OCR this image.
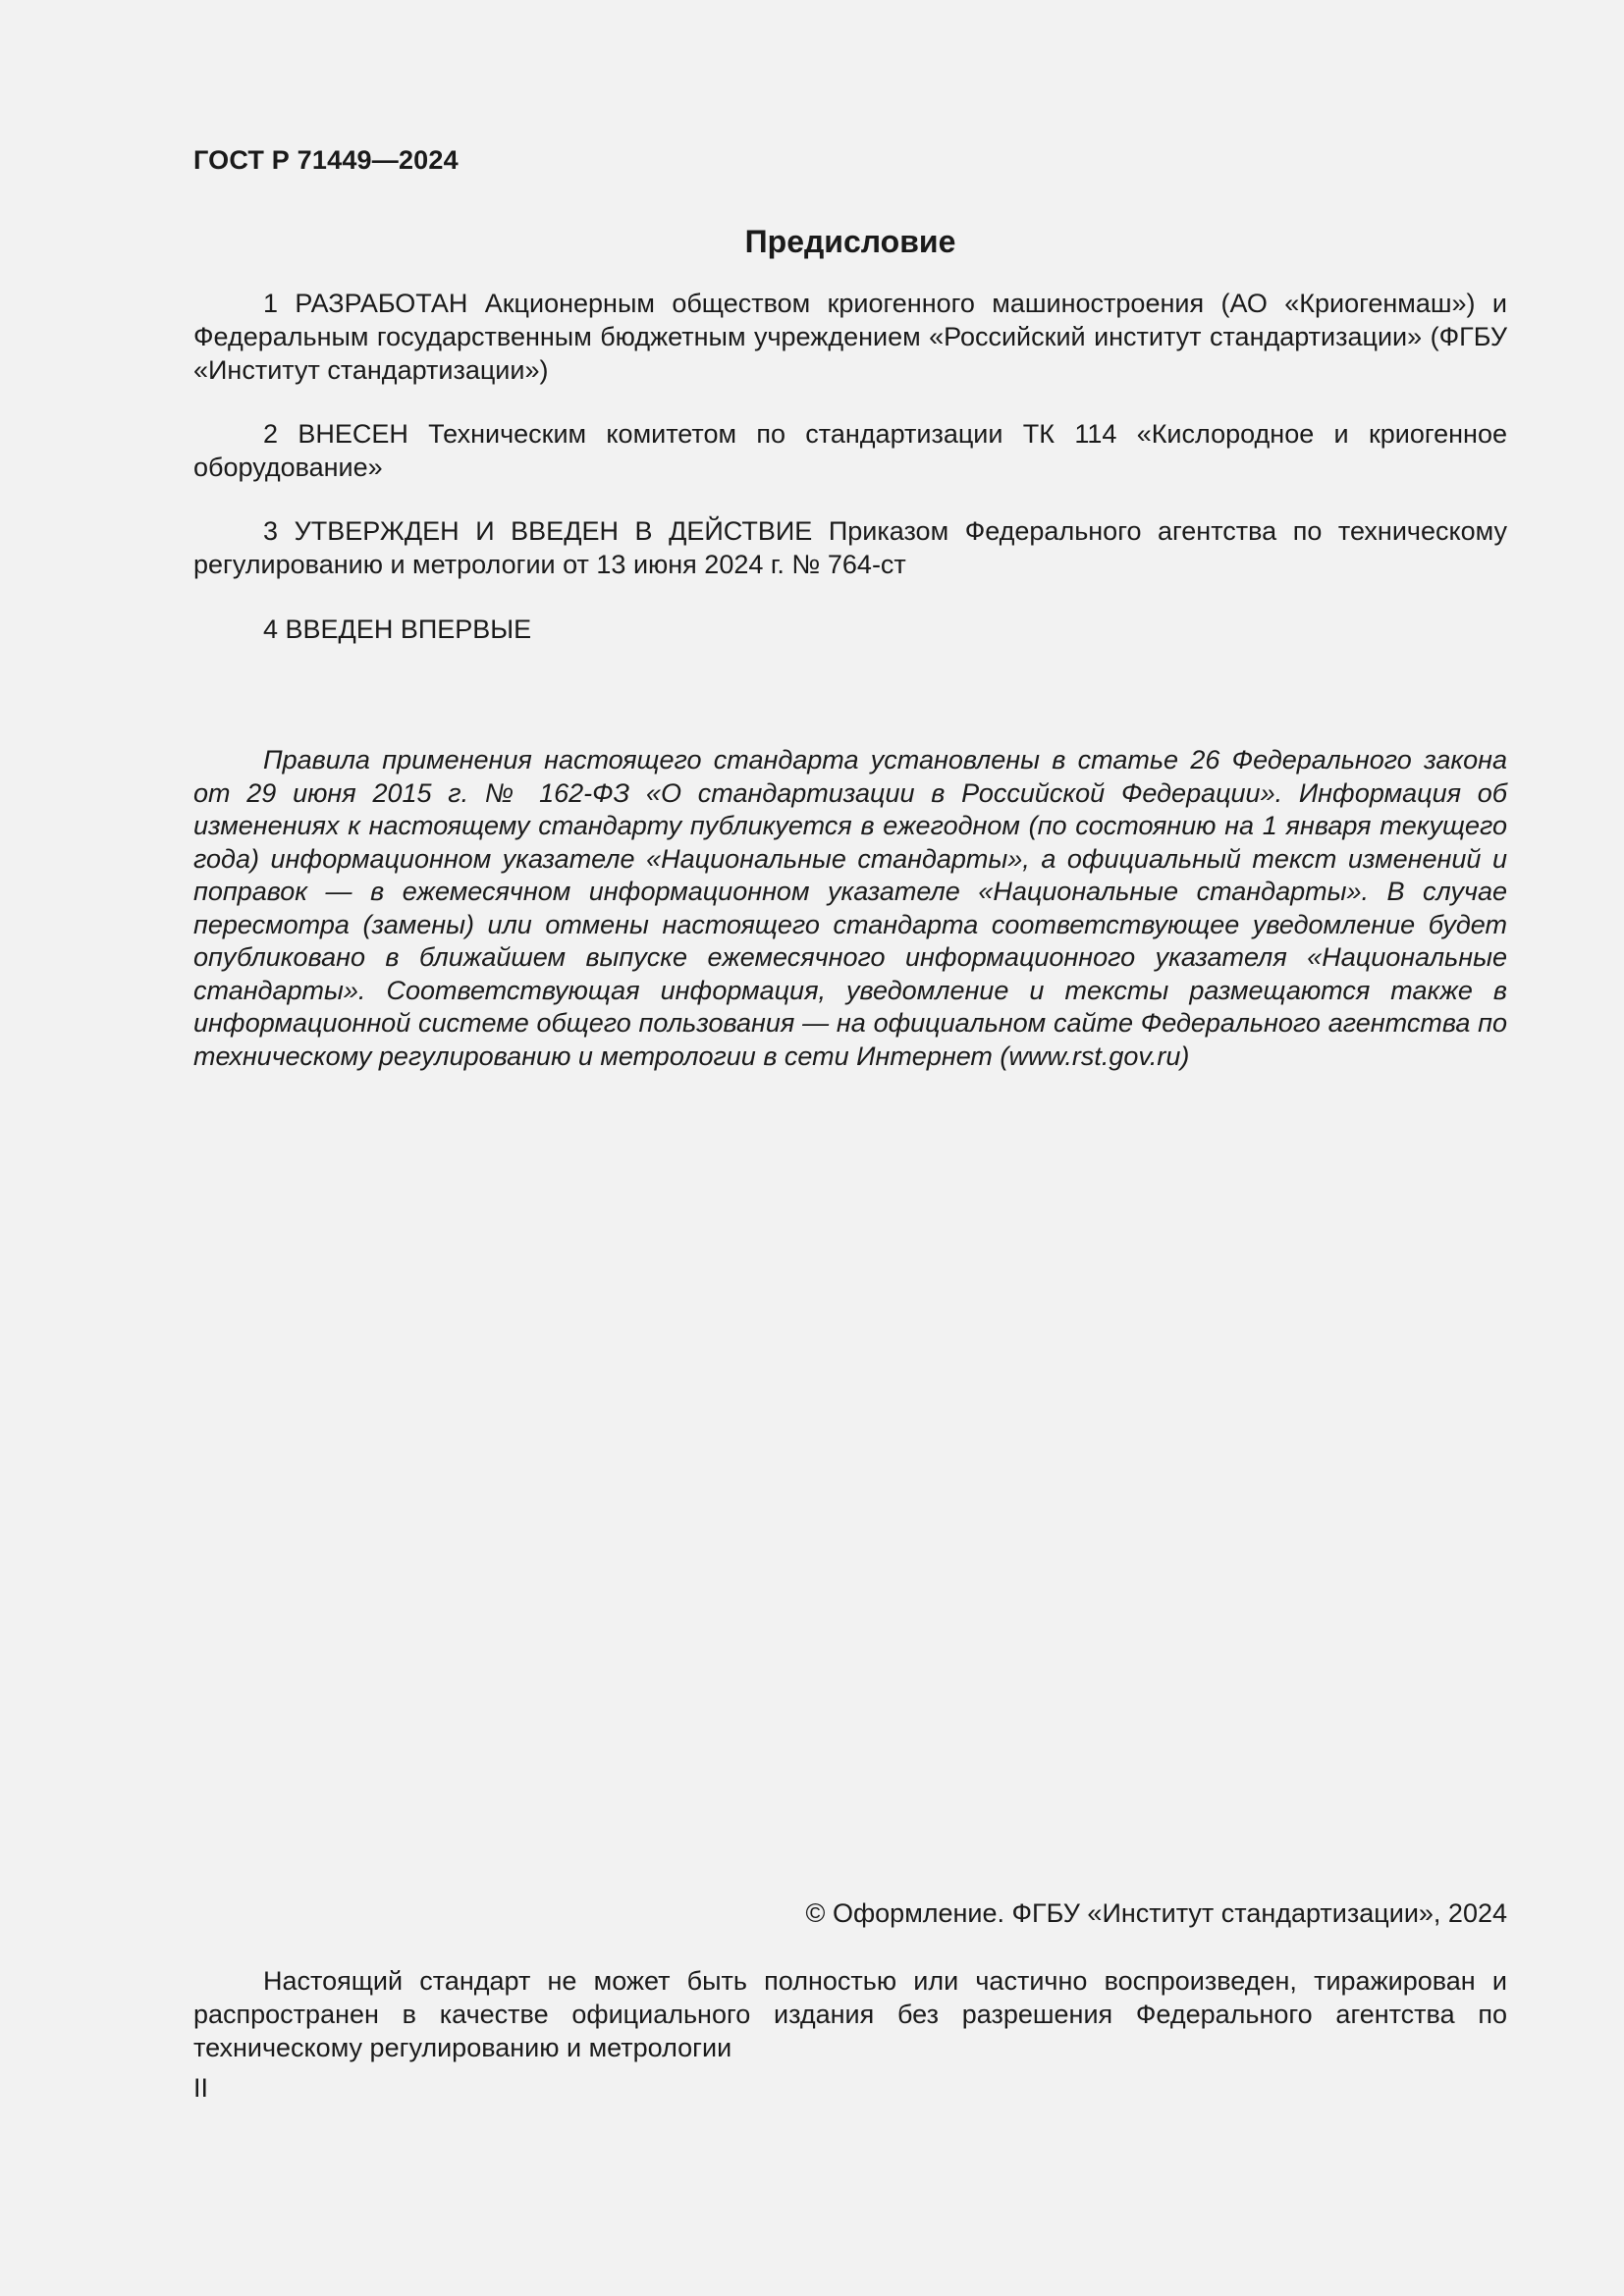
ГОСТ Р 71449—2024
Предисловие

1 РАЗРАБОТАН Акционерным обществом криогенного машиностроения (АО «Криогенмаш») и Федеральным государственным бюджетным учреждением «Российский институт стандартизации» (ФГБУ «Институт стандартизации»)

2 ВНЕСЕН Техническим комитетом по стандартизации ТК 114 «Кислородное и криогенное оборудование»

3 УТВЕРЖДЕН И ВВЕДЕН В ДЕЙСТВИЕ Приказом Федерального агентства по техническому регулированию и метрологии от 13 июня 2024 г. № 764-ст

4 ВВЕДЕН ВПЕРВЫЕ

Правила применения настоящего стандарта установлены в статье 26 Федерального закона от 29 июня 2015 г. № 162-ФЗ «О стандартизации в Российской Федерации». Информация об изменениях к настоящему стандарту публикуется в ежегодном (по состоянию на 1 января текущего года) информационном указателе «Национальные стандарты», а официальный текст изменений и поправок — в ежемесячном информационном указателе «Национальные стандарты». В случае пересмотра (замены) или отмены настоящего стандарта соответствующее уведомление будет опубликовано в ближайшем выпуске ежемесячного информационного указателя «Национальные стандарты». Соответствующая информация, уведомление и тексты размещаются также в информационной системе общего пользования — на официальном сайте Федерального агентства по техническому регулированию и метрологии в сети Интернет (www.rst.gov.ru)

© Оформление. ФГБУ «Институт стандартизации», 2024

Настоящий стандарт не может быть полностью или частично воспроизведен, тиражирован и распространен в качестве официального издания без разрешения Федерального агентства по техническому регулированию и метрологии

II
